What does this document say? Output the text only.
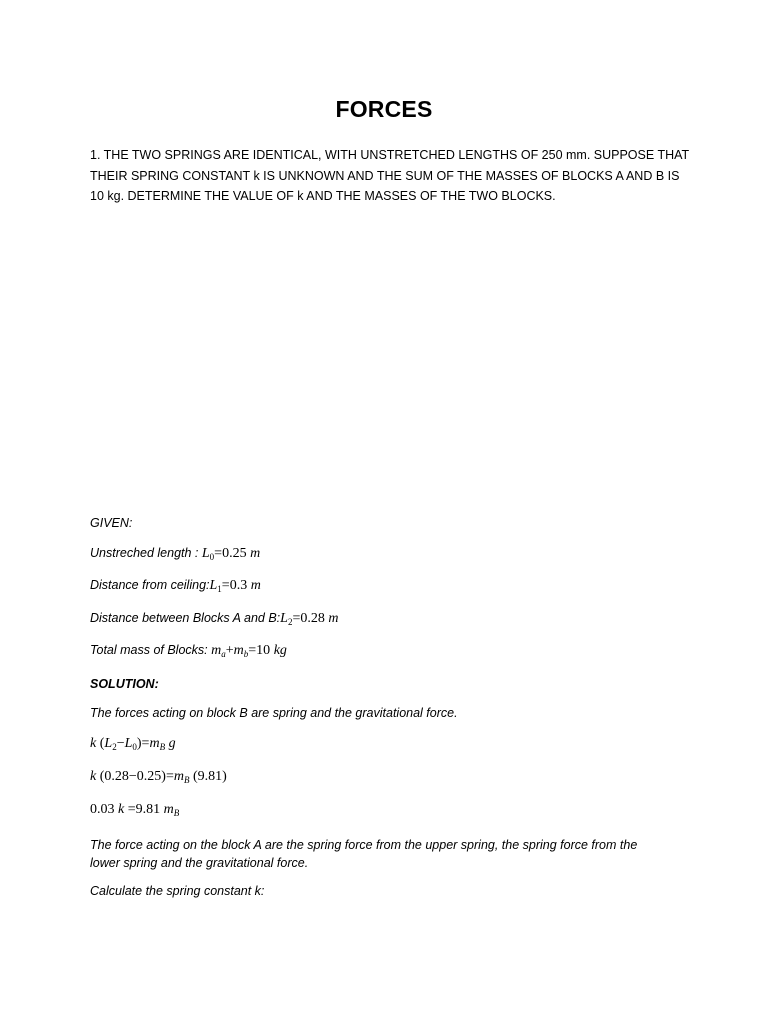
FORCES
1. THE TWO SPRINGS ARE IDENTICAL, WITH UNSTRETCHED LENGTHS OF 250 mm. SUPPOSE THAT THEIR SPRING CONSTANT k IS UNKNOWN AND THE SUM OF THE MASSES OF BLOCKS A AND B IS 10 kg. DETERMINE THE VALUE OF k AND THE MASSES OF THE TWO BLOCKS.
GIVEN:
Unstreched length : $L_0=0.25$ m
Distance from $ceiling:L_1=0.3$ m
Distance between Blocks A and $B:L_2=0.28$ m
Total mass of Blocks: $m_a+m_b=10$ kg
SOLUTION:
The forces acting on block B are spring and the gravitational force.
k $(L_2-L_0)=m_B$ g
k $(0.28-0.25)=m_B$ (9.81)
0.03 k =9.81 $m_B$
The force acting on the block A are the spring force from the upper spring, the spring force from the lower spring and the gravitational force.
Calculate the spring constant k:
